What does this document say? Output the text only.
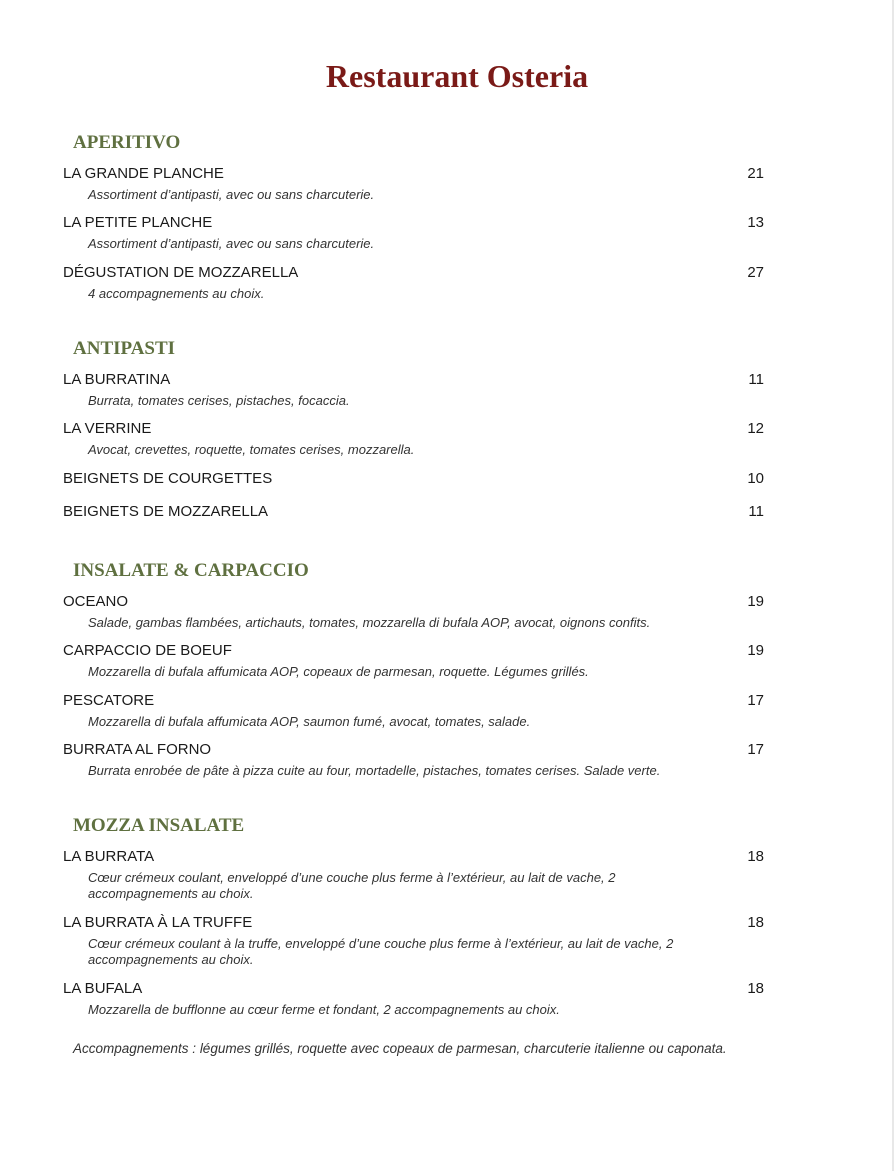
Restaurant Osteria
APERITIVO
LA GRANDE PLANCHE	21
Assortiment d’antipasti, avec ou sans charcuterie.
LA PETITE PLANCHE	13
Assortiment d’antipasti, avec ou sans charcuterie.
DÉGUSTATION DE MOZZARELLA	27
4 accompagnements au choix.
ANTIPASTI
LA BURRATINA	11
Burrata, tomates cerises, pistaches, focaccia.
LA VERRINE	12
Avocat, crevettes, roquette, tomates cerises, mozzarella.
BEIGNETS DE COURGETTES	10
BEIGNETS DE MOZZARELLA	11
INSALATE & CARPACCIO
OCEANO	19
Salade, gambas flambées, artichauts, tomates, mozzarella di bufala AOP, avocat, oignons confits.
CARPACCIO DE BOEUF	19
Mozzarella di bufala affumicata AOP, copeaux de parmesan, roquette. Légumes grillés.
PESCATORE	17
Mozzarella di bufala affumicata AOP, saumon fumé, avocat, tomates, salade.
BURRATA AL FORNO	17
Burrata enrobée de pâte à pizza cuite au four, mortadelle, pistaches, tomates cerises. Salade verte.
MOZZA INSALATE
LA BURRATA	18
Cœur crémeux coulant, enveloppé d’une couche plus ferme à l’extérieur, au lait de vache, 2 accompagnements au choix.
LA BURRATA À LA TRUFFE	18
Cœur crémeux coulant à la truffe, enveloppé d’une couche plus ferme à l’extérieur, au lait de vache, 2 accompagnements au choix.
LA BUFALA	18
Mozzarella de bufflonne au cœur ferme et fondant, 2 accompagnements au choix.
Accompagnements : légumes grillés, roquette avec copeaux de parmesan, charcuterie italienne ou caponata.
